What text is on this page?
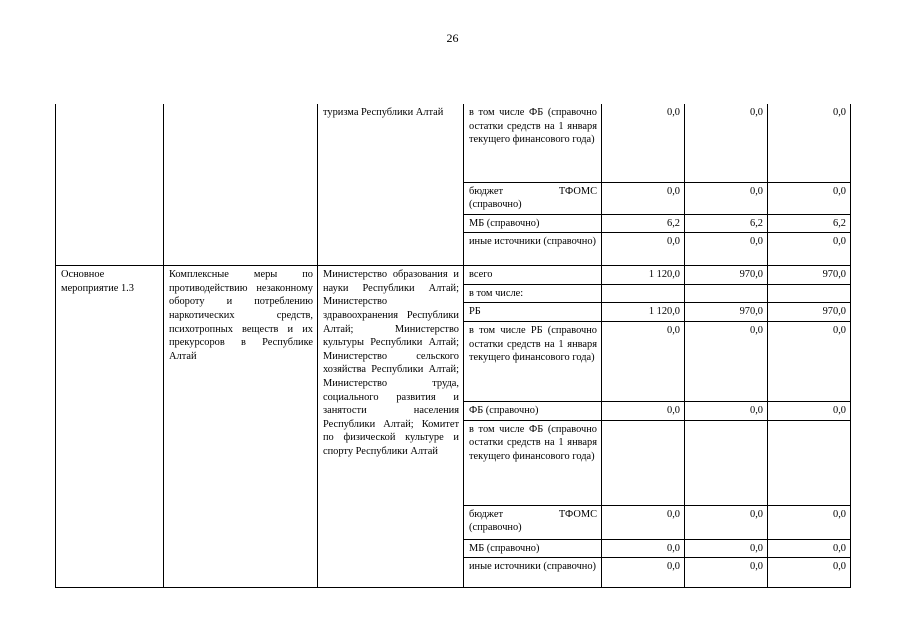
26
		туризма Республики Алтай	в том числе ФБ (справочно остатки средств на 1 января текущего финансового года)	0,0	0,0	0,0
			бюджет ТФОМС (справочно)	0,0	0,0	0,0
			МБ (справочно)	6,2	6,2	6,2
			иные источники (справочно)	0,0	0,0	0,0
Основное мероприятие 1.3	Комплексные меры по противодействию незаконному обороту и потреблению наркотических средств, психотропных веществ и их прекурсоров в Республике Алтай	Министерство образования и науки Республики Алтай; Министерство здравоохранения Республики Алтай; Министерство культуры Республики Алтай; Министерство сельского хозяйства Республики Алтай; Министерство труда, социального развития и занятости населения Республики Алтай; Комитет по физической культуре и спорту Республики Алтай	всего	1 120,0	970,0	970,0
			в том числе:			
			РБ	1 120,0	970,0	970,0
			в том числе РБ (справочно остатки средств на 1 января текущего финансового года)	0,0	0,0	0,0
			ФБ (справочно)	0,0	0,0	0,0
			в том числе ФБ (справочно остатки средств на 1 января текущего финансового года)			
			бюджет ТФОМС (справочно)	0,0	0,0	0,0
			МБ (справочно)	0,0	0,0	0,0
			иные источники (справочно)	0,0	0,0	0,0
